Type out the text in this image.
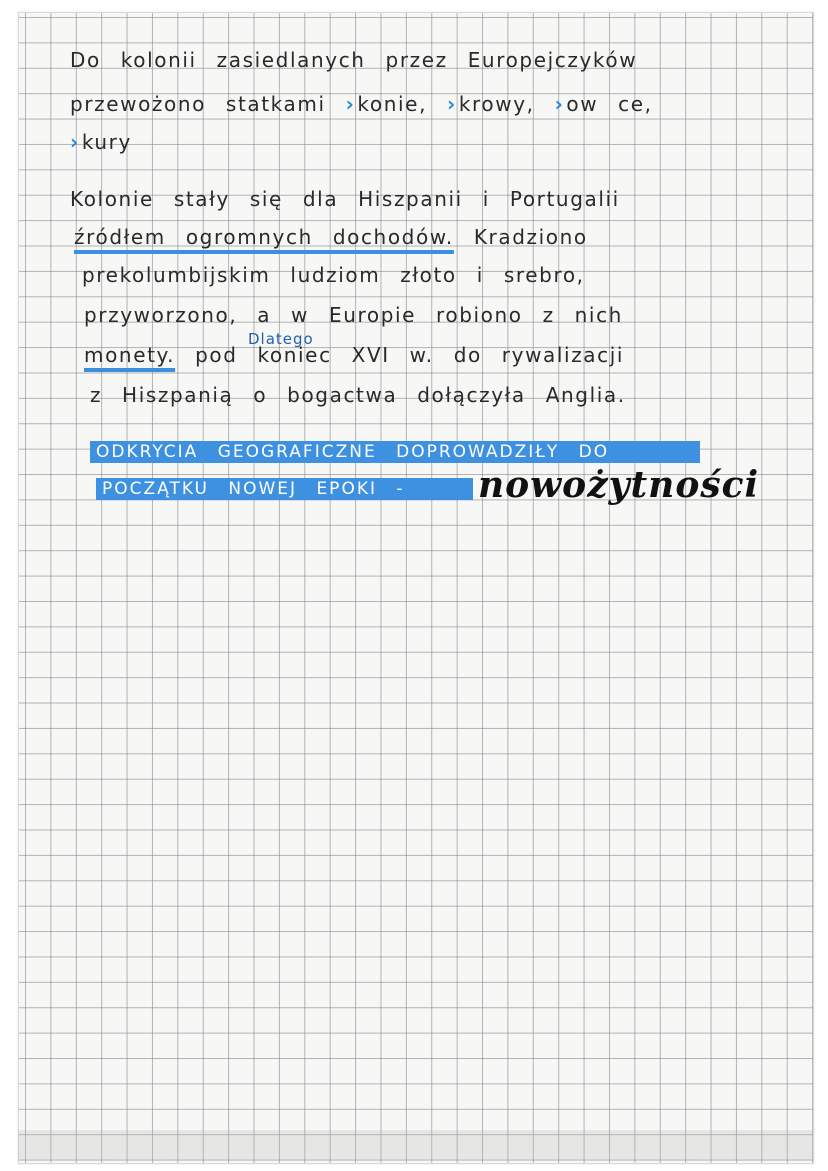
Do kolonii zasiedlanych przez Europejczyków
przewożono statkami › konie, › krowy, › ow ce,
› kury
Kolonie stały się dla Hiszpanii i Portugalii
źródłem ogromnych dochodów. Kradziono
prekolumbijskim ludziom złoto i srebro,
przyworzono, a w Europie robiono z nich
Dlatego
monety. pod koniec XVI w. do rywalizacji
z Hiszpanią o bogactwa dołączyła Anglia.
ODKRYCIA GEOGRAFICZNE DOPROWADZIŁY DO
POCZĄTKU NOWEJ EPOKI -	nowożytności
